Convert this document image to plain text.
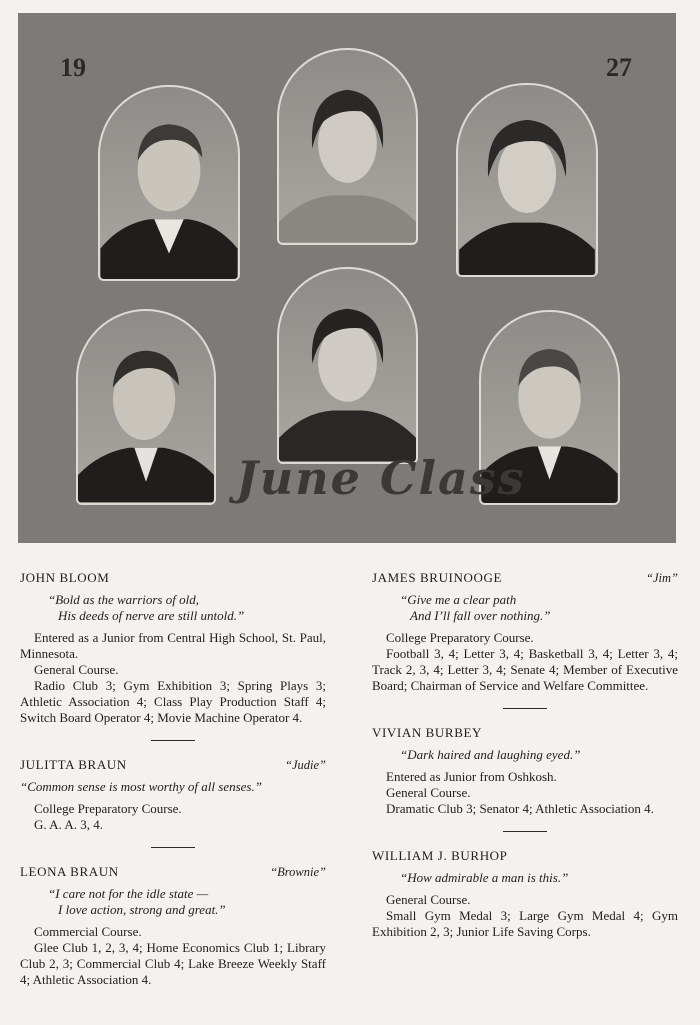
19	27
June Class
JOHN BLOOM
“Bold as the warriors of old,
His deeds of nerve are still untold.”
Entered as a Junior from Central High School, St. Paul, Minnesota.
General Course.
Radio Club 3; Gym Exhibition 3; Spring Plays 3; Athletic Association 4; Class Play Production Staff 4; Switch Board Operator 4; Movie Machine Operator 4.
JULITTA BRAUN	“Judie”
“Common sense is most worthy of all senses.”
College Preparatory Course.
G. A. A. 3, 4.
LEONA BRAUN	“Brownie”
“I care not for the idle state —
I love action, strong and great.”
Commercial Course.
Glee Club 1, 2, 3, 4; Home Economics Club 1; Library Club 2, 3; Commercial Club 4; Lake Breeze Weekly Staff 4; Athletic Association 4.
JAMES BRUINOOGE	“Jim”
“Give me a clear path
And I’ll fall over nothing.”
College Preparatory Course.
Football 3, 4; Letter 3, 4; Basketball 3, 4; Letter 3, 4; Track 2, 3, 4; Letter 3, 4; Senate 4; Member of Executive Board; Chairman of Service and Welfare Committee.
VIVIAN BURBEY
“Dark haired and laughing eyed.”
Entered as Junior from Oshkosh.
General Course.
Dramatic Club 3; Senator 4; Athletic Association 4.
WILLIAM J. BURHOP
“How admirable a man is this.”
General Course.
Small Gym Medal 3; Large Gym Medal 4; Gym Exhibition 2, 3; Junior Life Saving Corps.
